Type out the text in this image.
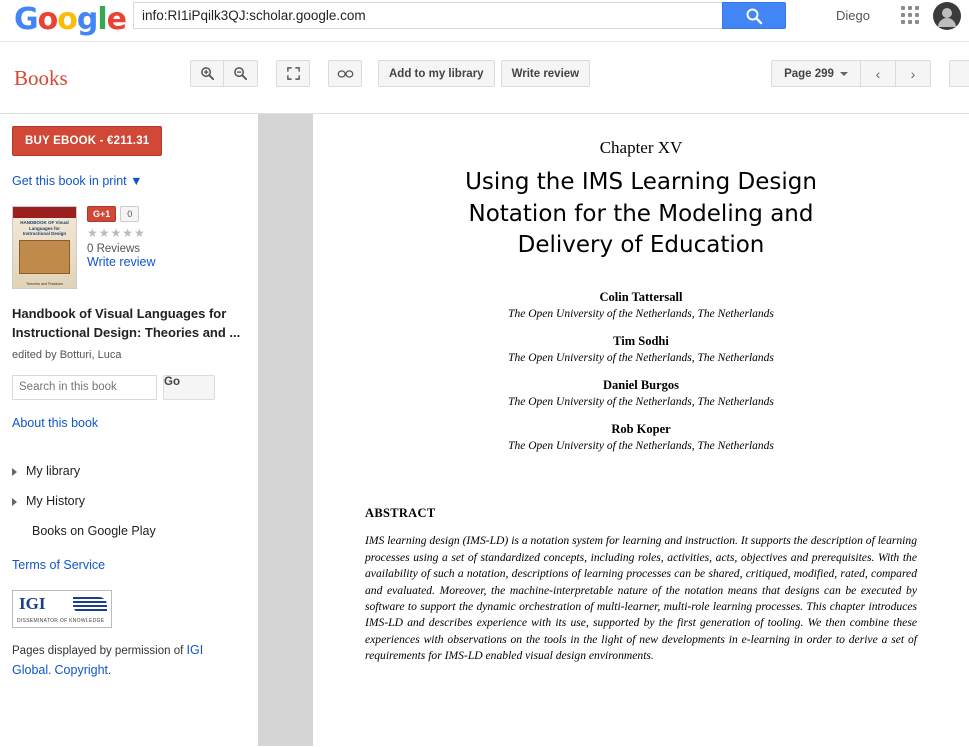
Google
info:RI1iPqilk3QJ:scholar.google.com	Diego
Books	Add to my library	Write review	Page 299	‹	›
BUY EBOOK - €211.31
Get this book in print ▼
HANDBOOK OF Visual Languages for Instructional Design
Theories and Practices
G+1	0
★★★★★
0 Reviews
Write review
Handbook of Visual Languages for Instructional Design: Theories and ...
edited by Botturi, Luca
Search in this book
Go
About this book
My library
My History
Books on Google Play
Terms of Service
IGI
DISSEMINATOR OF KNOWLEDGE
Pages displayed by permission of IGI Global. Copyright.
Chapter XV
Using the IMS Learning Design
Notation for the Modeling and
Delivery of Education
Colin Tattersall
The Open University of the Netherlands, The Netherlands
Tim Sodhi
The Open University of the Netherlands, The Netherlands
Daniel Burgos
The Open University of the Netherlands, The Netherlands
Rob Koper
The Open University of the Netherlands, The Netherlands
ABSTRACT
IMS learning design (IMS-LD) is a notation system for learning and instruction. It supports the description of learning processes using a set of standardized concepts, including roles, activities, acts, objectives and prerequisites. With the availability of such a notation, descriptions of learning processes can be shared, critiqued, modified, rated, compared and evaluated. Moreover, the machine-interpretable nature of the notation means that designs can be executed by software to support the dynamic orchestration of multi-learner, multi-role learning processes. This chapter introduces IMS-LD and describes experience with its use, supported by the first generation of tooling. We then combine these experiences with observations on the tools in the light of new developments in e-learning in order to derive a set of requirements for IMS-LD enabled visual design environments.
